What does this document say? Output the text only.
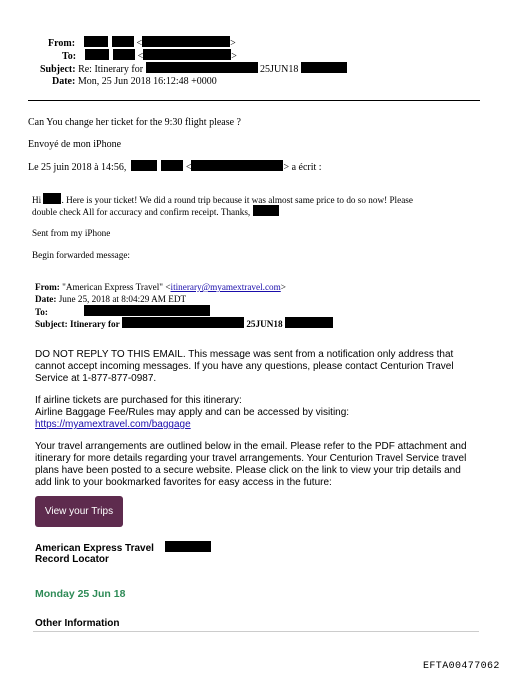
From:	<	>
To:	<	>
Subject: Re: Itinerary for	25JUN18
Date: Mon, 25 Jun 2018 16:12:48 +0000
Can You change her ticket for the 9:30 flight please ?
Envoyé de mon iPhone
Le 25 juin 2018 à 14:56,	<	> a écrit :
Hi . Here is your ticket! We did a round trip because it was almost same price to do so now! Please
double check All for accuracy and confirm receipt. Thanks,
Sent from my iPhone
Begin forwarded message:
From: "American Express Travel" <itinerary@myamextravel.com>
Date: June 25, 2018 at 8:04:29 AM EDT
To:
Subject: Itinerary for	25JUN18
DO NOT REPLY TO THIS EMAIL. This message was sent from a notification only address that
cannot accept incoming messages. If you have any questions, please contact Centurion Travel
Service at 1-877-877-0987.
If airline tickets are purchased for this itinerary:
Airline Baggage Fee/Rules may apply and can be accessed by visiting:
https://myamextravel.com/baggage
Your travel arrangements are outlined below in the email. Please refer to the PDF attachment and
itinerary for more details regarding your travel arrangements. Your Centurion Travel Service travel
plans have been posted to a secure website. Please click on the link to view your trip details and
add link to your bookmarked favorites for easy access in the future:
View your Trips
American Express Travel
Record Locator
Monday 25 Jun 18
Other Information
EFTA00477062
